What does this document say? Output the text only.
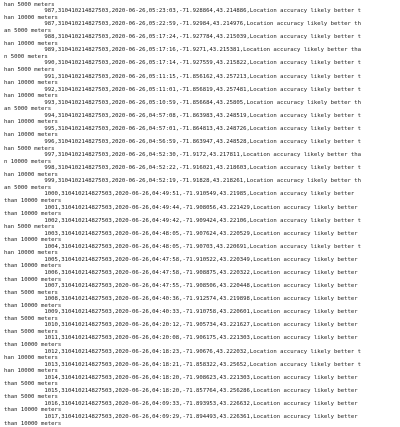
han 5000 meters
987,310410214827503,2020-06-26,05:23:03,-71.928864,43.214886,Location accuracy likely better t
han 10000 meters
987,310410214827503,2020-06-26,05:22:59,-71.92984,43.214976,Location accuracy likely better th
an 5000 meters
988,310410214827503,2020-06-26,05:17:24,-71.927784,43.215039,Location accuracy likely better t
han 10000 meters
989,310410214827503,2020-06-26,05:17:16,-71.9271,43.215381,Location accuracy likely better tha
n 5000 meters
990,310410214827503,2020-06-26,05:17:14,-71.927559,43.215822,Location accuracy likely better t
han 5000 meters
991,310410214827503,2020-06-26,05:11:15,-71.856162,43.257213,Location accuracy likely better t
han 10000 meters
992,310410214827503,2020-06-26,05:11:01,-71.856819,43.257481,Location accuracy likely better t
han 10000 meters
993,310410214827503,2020-06-26,05:10:59,-71.856684,43.25805,Location accuracy likely better th
an 5000 meters
994,310410214827503,2020-06-26,04:57:08,-71.863983,43.248519,Location accuracy likely better t
han 10000 meters
995,310410214827503,2020-06-26,04:57:01,-71.864813,43.248726,Location accuracy likely better t
han 10000 meters
996,310410214827503,2020-06-26,04:56:59,-71.863947,43.248528,Location accuracy likely better t
han 5000 meters
997,310410214827503,2020-06-26,04:52:30,-71.9172,43.217811,Location accuracy likely better tha
n 10000 meters
998,310410214827503,2020-06-26,04:52:22,-71.916021,43.218603,Location accuracy likely better t
han 10000 meters
999,310410214827503,2020-06-26,04:52:19,-71.91828,43.218261,Location accuracy likely better th
an 5000 meters
1000,310410214827503,2020-06-26,04:49:51,-71.910549,43.21985,Location accuracy likely better
than 10000 meters
1001,310410214827503,2020-06-26,04:49:44,-71.908056,43.221429,Location accuracy likely better
than 10000 meters
1002,310410214827503,2020-06-26,04:49:42,-71.909424,43.22106,Location accuracy likely better t
han 5000 meters
1003,310410214827503,2020-06-26,04:48:05,-71.907624,43.220529,Location accuracy likely better
than 10000 meters
1004,310410214827503,2020-06-26,04:48:05,-71.90703,43.220691,Location accuracy likely better t
han 10000 meters
1005,310410214827503,2020-06-26,04:47:58,-71.910522,43.220349,Location accuracy likely better
than 10000 meters
1006,310410214827503,2020-06-26,04:47:58,-71.908875,43.220322,Location accuracy likely better
than 10000 meters
1007,310410214827503,2020-06-26,04:47:55,-71.908506,43.220448,Location accuracy likely better
than 5000 meters
1008,310410214827503,2020-06-26,04:40:36,-71.912574,43.219898,Location accuracy likely better
than 10000 meters
1009,310410214827503,2020-06-26,04:40:33,-71.910758,43.220601,Location accuracy likely better
than 5000 meters
1010,310410214827503,2020-06-26,04:20:12,-71.905734,43.221627,Location accuracy likely better
than 5000 meters
1011,310410214827503,2020-06-26,04:20:08,-71.906175,43.221303,Location accuracy likely better
than 10000 meters
1012,310410214827503,2020-06-26,04:18:23,-71.90676,43.222032,Location accuracy likely better t
han 10000 meters
1013,310410214827503,2020-06-26,04:18:21,-71.858322,43.25652,Location accuracy likely better t
han 10000 meters
1014,310410214827503,2020-06-26,04:18:20,-71.908623,43.221303,Location accuracy likely better
than 5000 meters
1015,310410214827503,2020-06-26,04:18:20,-71.857764,43.256286,Location accuracy likely better
than 5000 meters
1016,310410214827503,2020-06-26,04:09:33,-71.893953,43.226632,Location accuracy likely better
than 10000 meters
1017,310410214827503,2020-06-26,04:09:29,-71.894493,43.226361,Location accuracy likely better
than 10000 meters
